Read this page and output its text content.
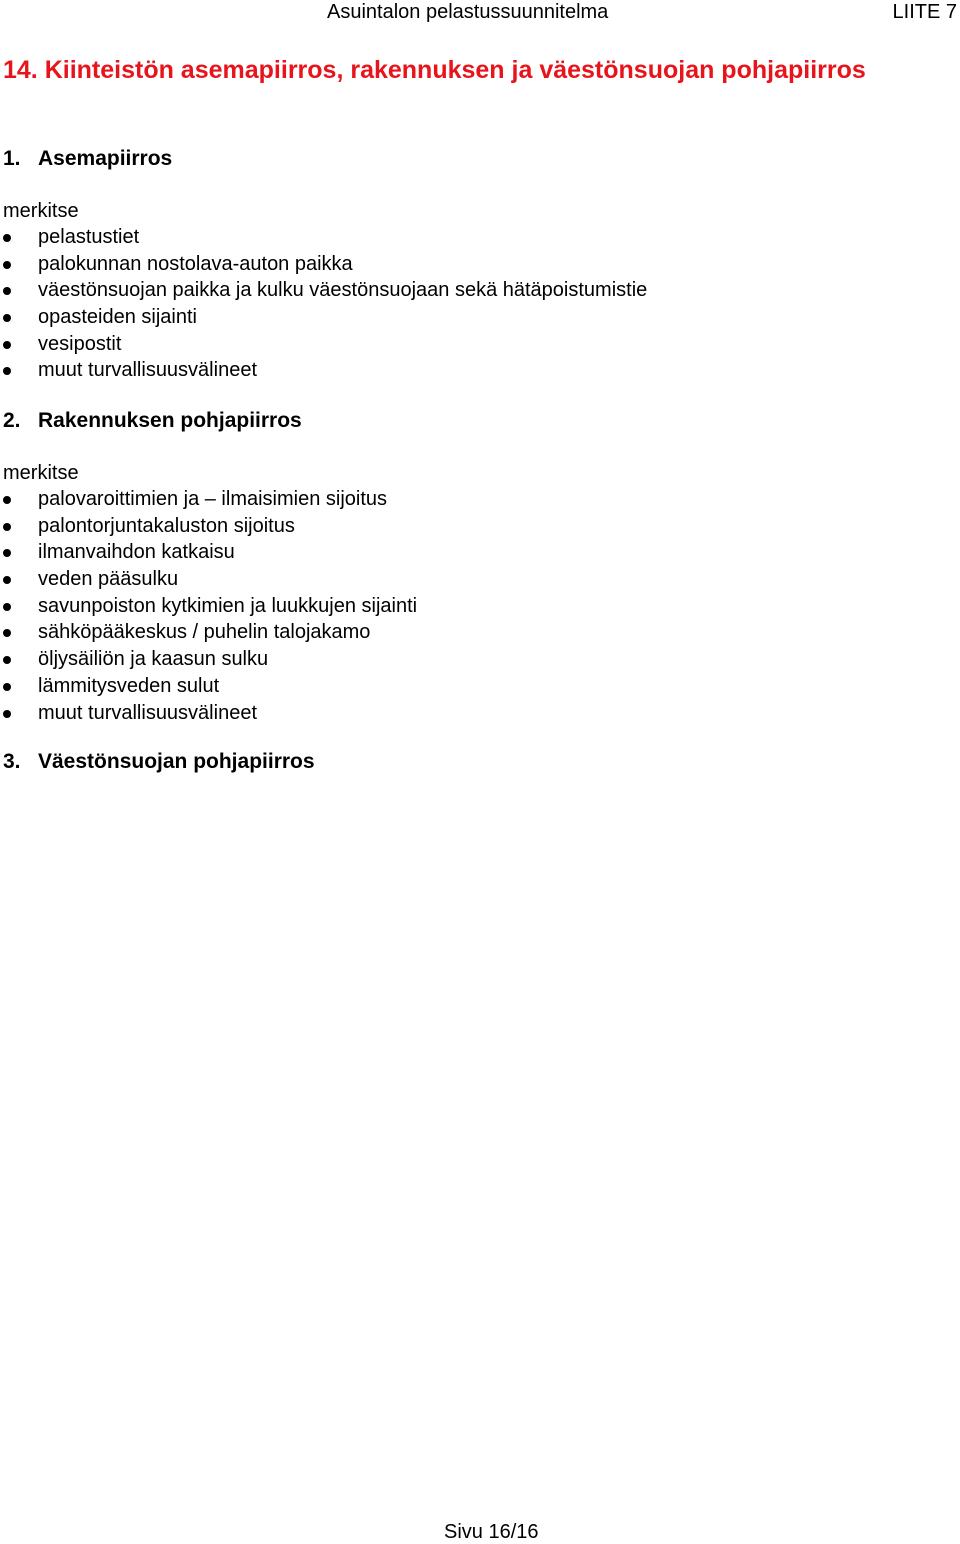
Asuintalon pelastussuunnitelma	LIITE 7
14. Kiinteistön asemapiirros, rakennuksen ja väestönsuojan pohjapiirros
1. Asemapiirros
merkitse
pelastustiet
palokunnan nostolava-auton paikka
väestönsuojan paikka ja kulku väestönsuojaan sekä hätäpoistumistie
opasteiden sijainti
vesipostit
muut turvallisuusvälineet
2. Rakennuksen pohjapiirros
merkitse
palovaroittimien ja – ilmaisimien sijoitus
palontorjuntakaluston sijoitus
ilmanvaihdon katkaisu
veden pääsulku
savunpoiston kytkimien ja luukkujen sijainti
sähköpääkeskus / puhelin talojakamo
öljysäiliön ja kaasun sulku
lämmitysveden sulut
muut turvallisuusvälineet
3. Väestönsuojan pohjapiirros
Sivu 16/16
